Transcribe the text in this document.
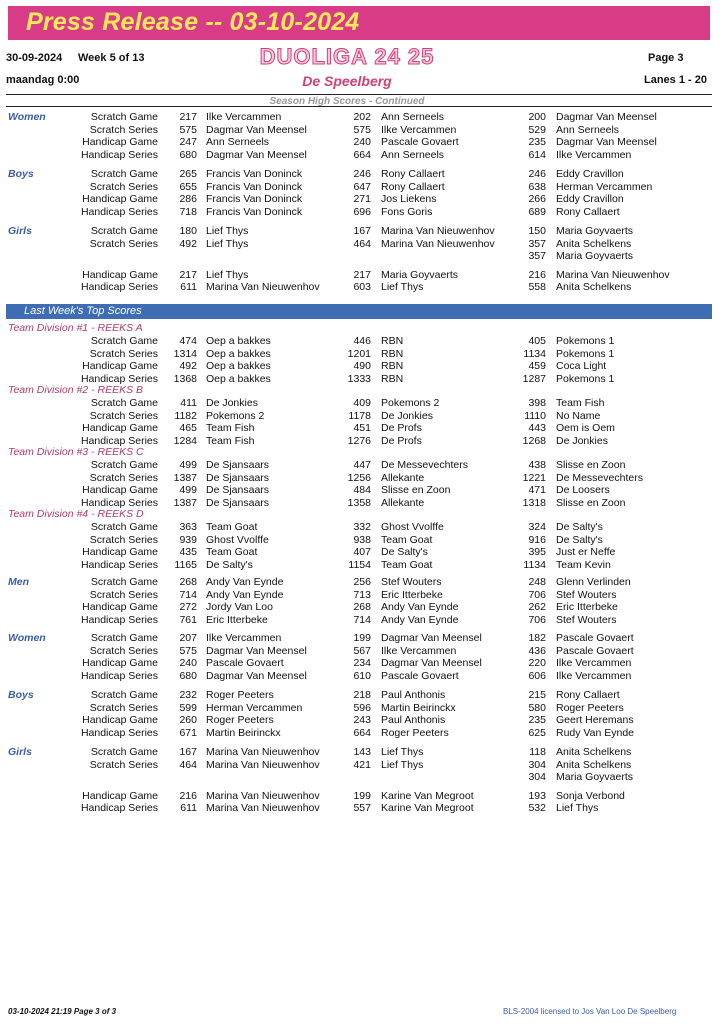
Press Release -- 03-10-2024
30-09-2024 Week 5 of 13	DUOLIGA 24 25	Page 3
maandag 0:00	De Speelberg	Lanes 1 - 20
Season High Scores - Continued
Women	Scratch Game	217 Ilke Vercammen	202 Ann Serneels	200 Dagmar Van Meensel
Scratch Series	575 Dagmar Van Meensel	575 Ilke Vercammen	529 Ann Serneels
Handicap Game	247 Ann Serneels	240 Pascale Govaert	235 Dagmar Van Meensel
Handicap Series	680 Dagmar Van Meensel	664 Ann Serneels	614 Ilke Vercammen
Boys	Scratch Game	265 Francis Van Doninck	246 Rony Callaert	246 Eddy Cravillon
Scratch Series	655 Francis Van Doninck	647 Rony Callaert	638 Herman Vercammen
Handicap Game	286 Francis Van Doninck	271 Jos Liekens	266 Eddy Cravillon
Handicap Series	718 Francis Van Doninck	696 Fons Goris	689 Rony Callaert
Girls	Scratch Game	180 Lief Thys	167 Marina Van Nieuwenhov	150 Maria Goyvaerts
Scratch Series	492 Lief Thys	464 Marina Van Nieuwenhov	357 Anita Schelkens
357 Maria Goyvaerts
Handicap Game	217 Lief Thys	217 Maria Goyvaerts	216 Marina Van Nieuwenhov
Handicap Series	611 Marina Van Nieuwenhov	603 Lief Thys	558 Anita Schelkens
Last Week's Top Scores
Team Division #1 - REEKS A
Scratch Game	474 Oep a bakkes	446 RBN	405 Pokemons 1
Scratch Series 1314 Oep a bakkes	1201 RBN	1134 Pokemons 1
Handicap Game	492 Oep a bakkes	490 RBN	459 Coca Light
Handicap Series 1368 Oep a bakkes	1333 RBN	1287 Pokemons 1
Team Division #2 - REEKS B
Scratch Game	411 De Jonkies	409 Pokemons 2	398 Team Fish
Scratch Series	1182 Pokemons 2	1178 De Jonkies	1110 No Name
Handicap Game	465 Team Fish	451 De Profs	443 Oem is Oem
Handicap Series 1284 Team Fish	1276 De Profs	1268 De Jonkies
Team Division #3 - REEKS C
Scratch Game	499 De Sjansaars	447 De Messevechters	438 Slisse en Zoon
Scratch Series 1387 De Sjansaars	1256 Allekante	1221 De Messevechters
Handicap Game	499 De Sjansaars	484 Slisse en Zoon	471 De Loosers
Handicap Series 1387 De Sjansaars	1358 Allekante	1318 Slisse en Zoon
Team Division #4 - REEKS D
Scratch Game	363 Team Goat	332 Ghost Vvolffe	324 De Salty's
Scratch Series	939 Ghost Vvolffe	938 Team Goat	916 De Salty's
Handicap Game	435 Team Goat	407 De Salty's	395 Just er Neffe
Handicap Series	1165 De Salty's	1154 Team Goat	1134 Team Kevin
Men	Scratch Game	268 Andy Van Eynde	256 Stef Wouters	248 Glenn Verlinden
Scratch Series	714 Andy Van Eynde	713 Eric Itterbeke	706 Stef Wouters
Handicap Game	272 Jordy Van Loo	268 Andy Van Eynde	262 Eric Itterbeke
Handicap Series	761 Eric Itterbeke	714 Andy Van Eynde	706 Stef Wouters
Women	Scratch Game	207 Ilke Vercammen	199 Dagmar Van Meensel	182 Pascale Govaert
Scratch Series	575 Dagmar Van Meensel	567 Ilke Vercammen	436 Pascale Govaert
Handicap Game	240 Pascale Govaert	234 Dagmar Van Meensel	220 Ilke Vercammen
Handicap Series	680 Dagmar Van Meensel	610 Pascale Govaert	606 Ilke Vercammen
Boys	Scratch Game	232 Roger Peeters	218 Paul Anthonis	215 Rony Callaert
Scratch Series	599 Herman Vercammen	596 Martin Beirinckx	580 Roger Peeters
Handicap Game	260 Roger Peeters	243 Paul Anthonis	235 Geert Heremans
Handicap Series	671 Martin Beirinckx	664 Roger Peeters	625 Rudy Van Eynde
Girls	Scratch Game	167 Marina Van Nieuwenhov	143 Lief Thys	118 Anita Schelkens
Scratch Series	464 Marina Van Nieuwenhov	421 Lief Thys	304 Anita Schelkens
304 Maria Goyvaerts
Handicap Game	216 Marina Van Nieuwenhov	199 Karine Van Megroot	193 Sonja Verbond
Handicap Series	611 Marina Van Nieuwenhov	557 Karine Van Megroot	532 Lief Thys
03-10-2024 21:19 Page 3 of 3	BLS-2004 licensed to Jos Van Loo De Speelberg
